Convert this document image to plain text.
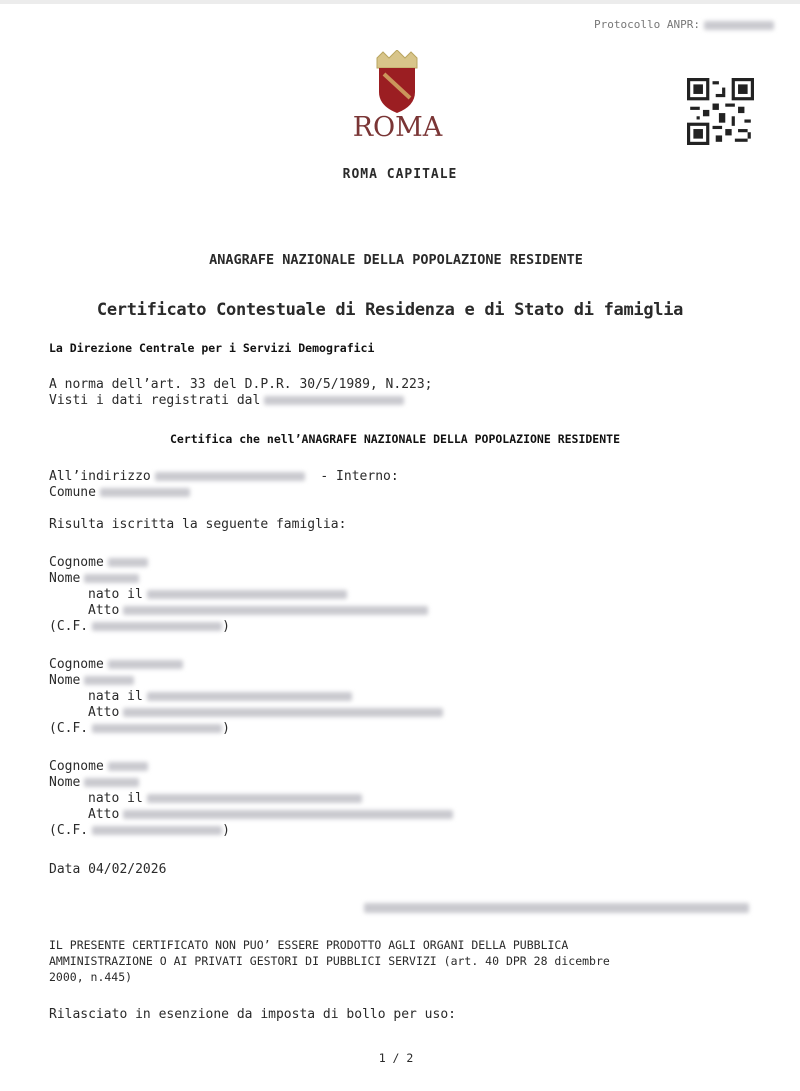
Protocollo ANPR:
ROMA
ROMA CAPITALE
ANAGRAFE NAZIONALE DELLA POPOLAZIONE RESIDENTE
Certificato Contestuale di Residenza e di Stato di famiglia
La Direzione Centrale per i Servizi Demografici
A norma dell’art. 33 del D.P.R. 30/5/1989, N.223;
Visti i dati registrati dal
Certifica che nell’ANAGRAFE NAZIONALE DELLA POPOLAZIONE RESIDENTE
All’indirizzo	- Interno:
Comune
Risulta iscritta la seguente famiglia:
Cognome
Nome
nato il
Atto
(C.F.	)
Cognome
Nome
nata il
Atto
(C.F.	)
Cognome
Nome
nato il
Atto
(C.F.	)
Data 04/02/2026
IL PRESENTE CERTIFICATO NON PUO’ ESSERE PRODOTTO AGLI ORGANI DELLA PUBBLICA
AMMINISTRAZIONE O AI PRIVATI GESTORI DI PUBBLICI SERVIZI (art. 40 DPR 28 dicembre
2000, n.445)
Rilasciato in esenzione da imposta di bollo per uso:
1 / 2
